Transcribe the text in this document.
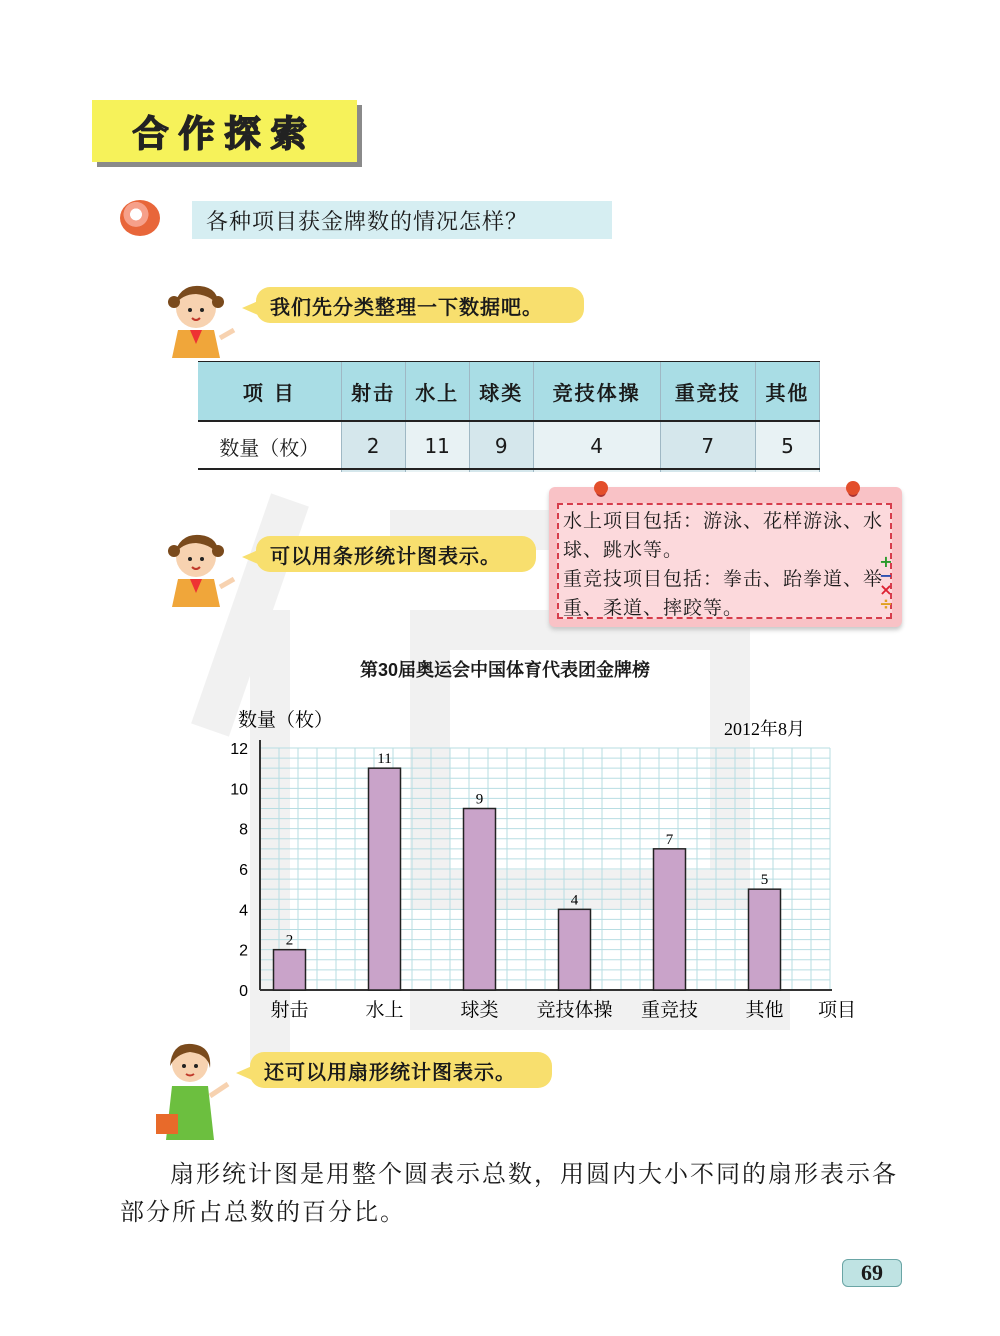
合作探索
各种项目获金牌数的情况怎样？
我们先分类整理一下数据吧。
项 目	射击	水上	球类	竞技体操	重竞技	其他
数量（枚）	2	11	9	4	7	5
可以用条形统计图表示。
水上项目包括：游泳、花样游泳、水球、跳水等。
重竞技项目包括：拳击、跆拳道、举重、柔道、摔跤等。
+
−
×
÷
第30届奥运会中国体育代表团金牌榜
0
2
4
6
8
10
12
2
射击
11
水上
9
球类
4
竞技体操
7
重竞技
5
其他
数量（枚）	2012年8月
项目
还可以用扇形统计图表示。
扇形统计图是用整个圆表示总数，用圆内大小不同的扇形表示各部分所占总数的百分比。
69
